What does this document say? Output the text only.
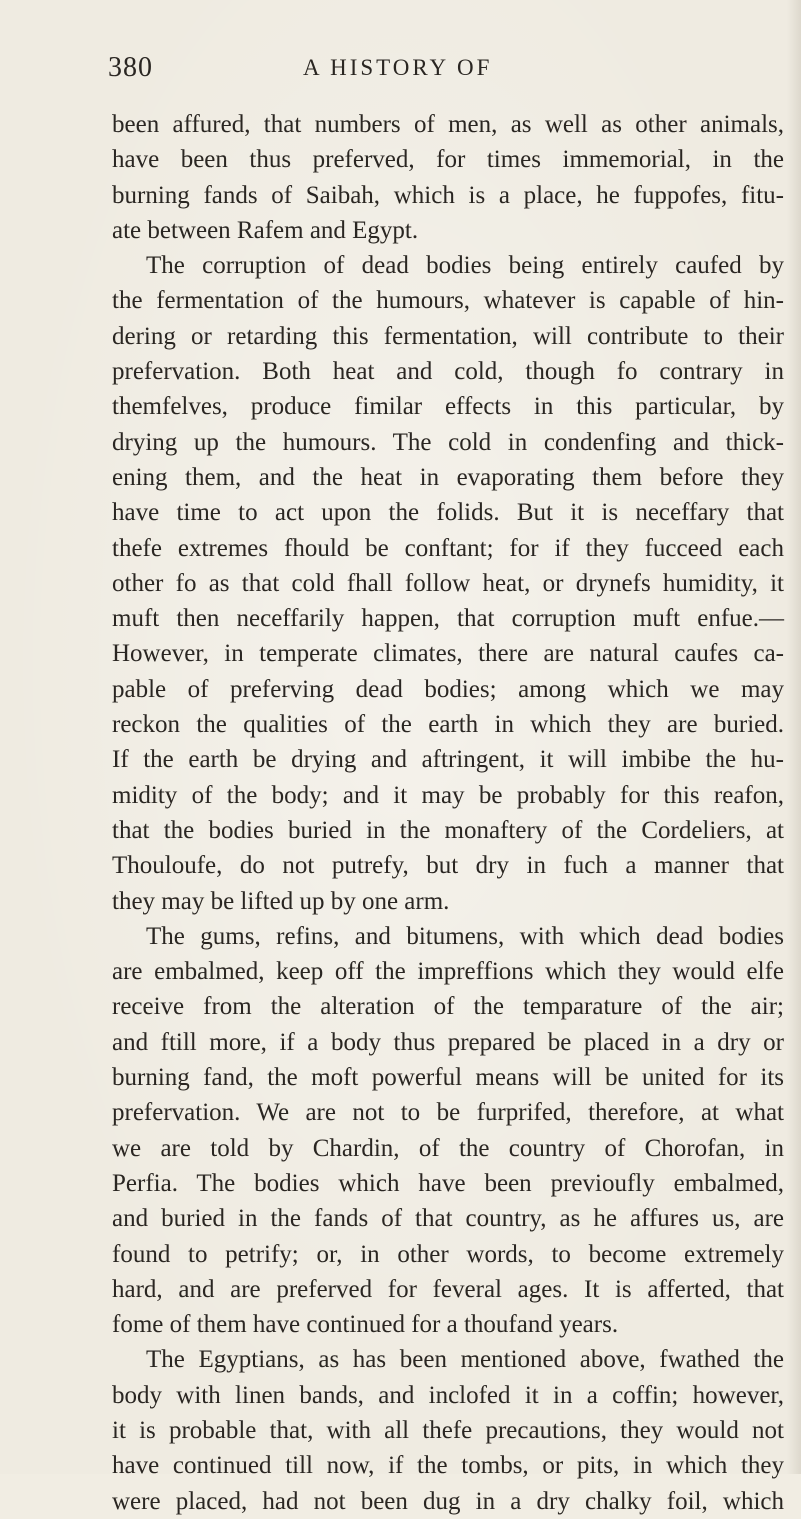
380	A HISTORY OF
been affured, that numbers of men, as well as other animals,
have been thus preferved, for times immemorial, in the
burning fands of Saibah, which is a place, he fuppofes, fitu-
ate between Rafem and Egypt.
The corruption of dead bodies being entirely caufed by
the fermentation of the humours, whatever is capable of hin-
dering or retarding this fermentation, will contribute to their
prefervation. Both heat and cold, though fo contrary in
themfelves, produce fimilar effects in this particular, by
drying up the humours. The cold in condenfing and thick-
ening them, and the heat in evaporating them before they
have time to act upon the folids. But it is neceffary that
thefe extremes fhould be conftant; for if they fucceed each
other fo as that cold fhall follow heat, or drynefs humidity, it
muft then neceffarily happen, that corruption muft enfue.—
However, in temperate climates, there are natural caufes ca-
pable of preferving dead bodies; among which we may
reckon the qualities of the earth in which they are buried.
If the earth be drying and aftringent, it will imbibe the hu-
midity of the body; and it may be probably for this reafon,
that the bodies buried in the monaftery of the Cordeliers, at
Thouloufe, do not putrefy, but dry in fuch a manner that
they may be lifted up by one arm.
The gums, refins, and bitumens, with which dead bodies
are embalmed, keep off the impreffions which they would elfe
receive from the alteration of the temparature of the air;
and ftill more, if a body thus prepared be placed in a dry or
burning fand, the moft powerful means will be united for its
prefervation. We are not to be furprifed, therefore, at what
we are told by Chardin, of the country of Chorofan, in
Perfia. The bodies which have been previoufly embalmed,
and buried in the fands of that country, as he affures us, are
found to petrify; or, in other words, to become extremely
hard, and are preferved for feveral ages. It is afferted, that
fome of them have continued for a thoufand years.
The Egyptians, as has been mentioned above, fwathed the
body with linen bands, and inclofed it in a coffin; however,
it is probable that, with all thefe precautions, they would not
have continued till now, if the tombs, or pits, in which they
were placed, had not been dug in a dry chalky foil, which
